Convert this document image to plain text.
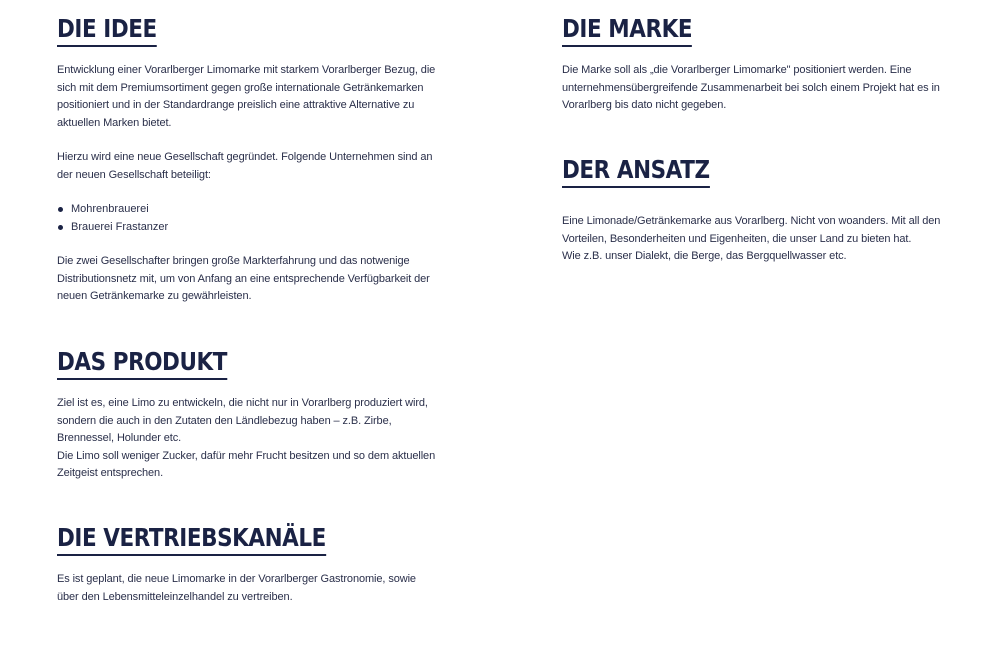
DIE IDEE

Entwicklung einer Vorarlberger Limomarke mit starkem Vorarlberger Bezug, die sich mit dem Premiumsortiment gegen große internationale Getränkemarken positioniert und in der Standardrange preislich eine attraktive Alternative zu aktuellen Marken bietet.

Hierzu wird eine neue Gesellschaft gegründet. Folgende Unternehmen sind an der neuen Gesellschaft beteiligt:

Mohrenbrauerei
Brauerei Frastanzer

Die zwei Gesellschafter bringen große Markterfahrung und das notwenige Distributionsnetz mit, um von Anfang an eine entsprechende Verfügbarkeit der neuen Getränkemarke zu gewährleisten.

DAS PRODUKT

Ziel ist es, eine Limo zu entwickeln, die nicht nur in Vorarlberg produziert wird, sondern die auch in den Zutaten den Ländlebezug haben – z.B. Zirbe, Brennessel, Holunder etc.

Die Limo soll weniger Zucker, dafür mehr Frucht besitzen und so dem aktuellen Zeitgeist entsprechen.

DIE VERTRIEBSKANÄLE

Es ist geplant, die neue Limomarke in der Vorarlberger Gastronomie, sowie über den Lebensmitteleinzelhandel zu vertreiben.

DIE MARKE

Die Marke soll als „die Vorarlberger Limomarke" positioniert werden. Eine unternehmensübergreifende Zusammenarbeit bei solch einem Projekt hat es in Vorarlberg bis dato nicht gegeben.

DER ANSATZ

Eine Limonade/Getränkemarke aus Vorarlberg. Nicht von woanders. Mit all den Vorteilen, Besonderheiten und Eigenheiten, die unser Land zu bieten hat.

Wie z.B. unser Dialekt, die Berge, das Bergquellwasser etc.
